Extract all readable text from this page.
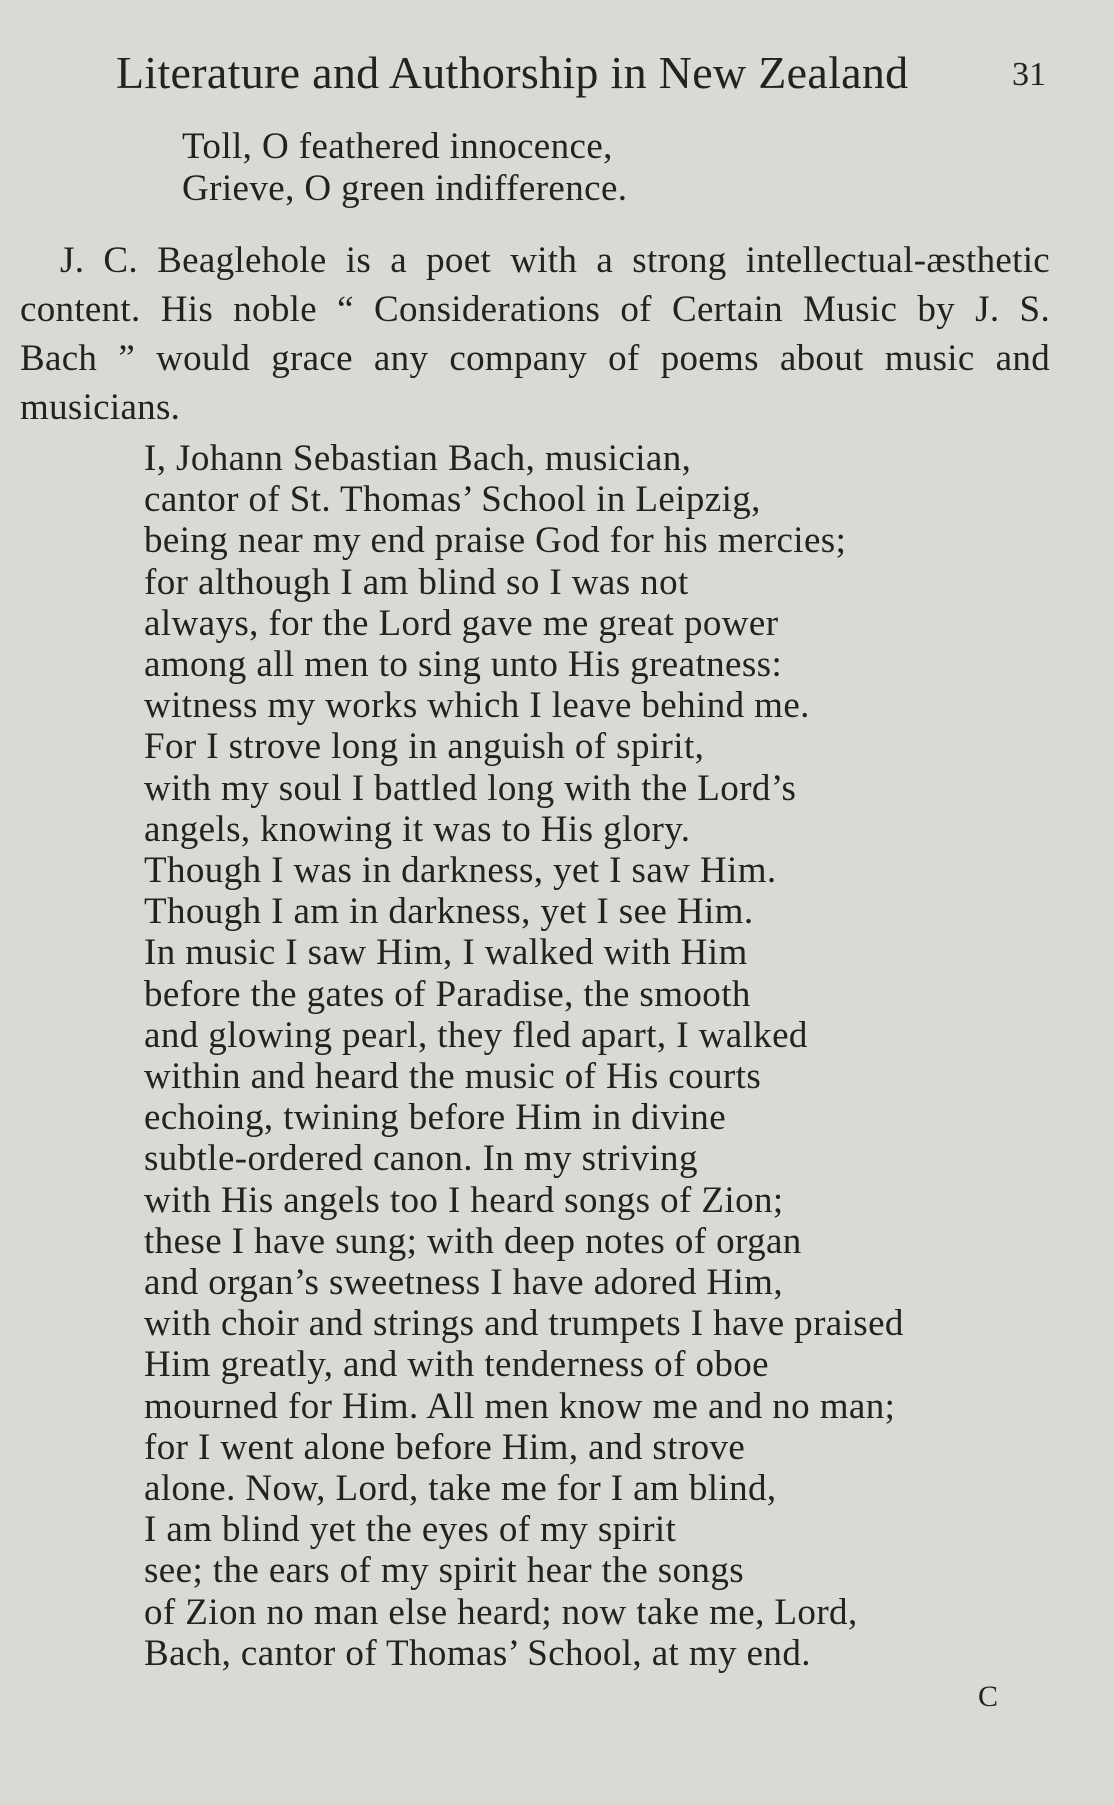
Literature and Authorship in New Zealand	31
Toll, O feathered innocence,
Grieve, O green indifference.
J. C. Beaglehole is a poet with a strong intellectual-æsthetic
content. His noble “ Considerations of Certain Music by J. S.
Bach ” would grace any company of poems about music and
musicians.
I, Johann Sebastian Bach, musician,
cantor of St. Thomas’ School in Leipzig,
being near my end praise God for his mercies;
for although I am blind so I was not
always, for the Lord gave me great power
among all men to sing unto His greatness:
witness my works which I leave behind me.
For I strove long in anguish of spirit,
with my soul I battled long with the Lord’s
angels, knowing it was to His glory.
Though I was in darkness, yet I saw Him.
Though I am in darkness, yet I see Him.
In music I saw Him, I walked with Him
before the gates of Paradise, the smooth
and glowing pearl, they fled apart, I walked
within and heard the music of His courts
echoing, twining before Him in divine
subtle-ordered canon. In my striving
with His angels too I heard songs of Zion;
these I have sung; with deep notes of organ
and organ’s sweetness I have adored Him,
with choir and strings and trumpets I have praised
Him greatly, and with tenderness of oboe
mourned for Him. All men know me and no man;
for I went alone before Him, and strove
alone. Now, Lord, take me for I am blind,
I am blind yet the eyes of my spirit
see; the ears of my spirit hear the songs
of Zion no man else heard; now take me, Lord,
Bach, cantor of Thomas’ School, at my end.
C
